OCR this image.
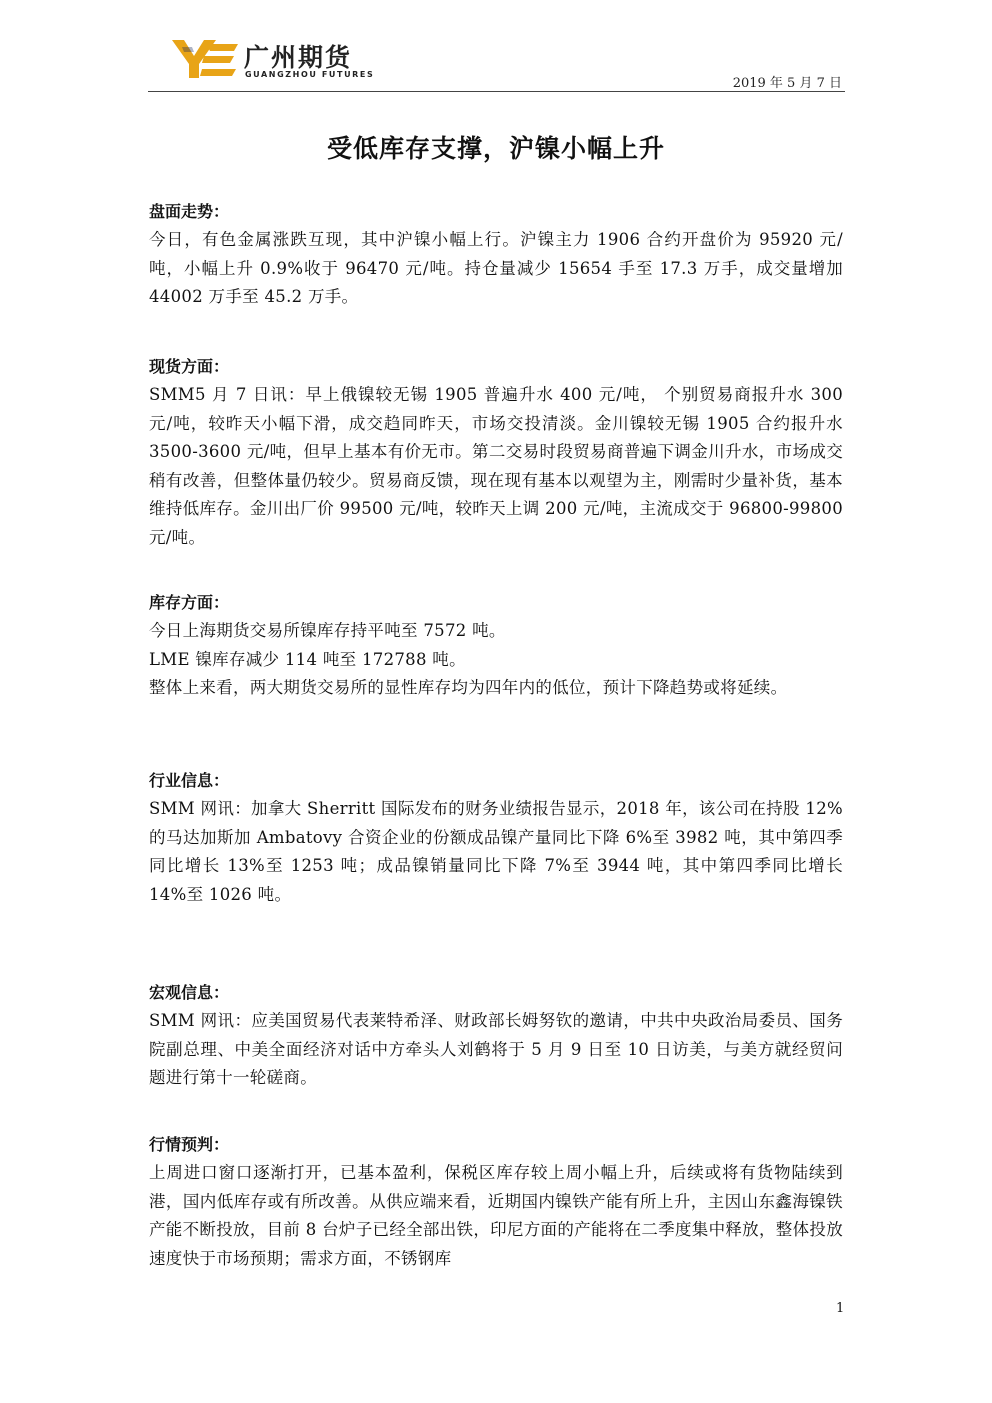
广州期货
GUANGZHOU FUTURES
2019 年 5 月 7 日
受低库存支撑，沪镍小幅上升
盘面走势：

今日，有色金属涨跌互现，其中沪镍小幅上行。沪镍主力 1906 合约开盘价为 95920 元/吨，小幅上升 0.9%收于 96470 元/吨。持仓量减少 15654 手至 17.3 万手，成交量增加 44002 万手至 45.2 万手。

现货方面：

SMM5 月 7 日讯：早上俄镍较无锡 1905 普遍升水 400 元/吨， 个别贸易商报升水 300 元/吨，较昨天小幅下滑，成交趋同昨天，市场交投清淡。金川镍较无锡 1905 合约报升水 3500-3600 元/吨，但早上基本有价无市。第二交易时段贸易商普遍下调金川升水，市场成交稍有改善，但整体量仍较少。贸易商反馈，现在现有基本以观望为主，刚需时少量补货，基本维持低库存。金川出厂价 99500 元/吨，较昨天上调 200 元/吨，主流成交于 96800-99800 元/吨。

库存方面：

今日上海期货交易所镍库存持平吨至 7572 吨。

LME 镍库存减少 114 吨至 172788 吨。

整体上来看，两大期货交易所的显性库存均为四年内的低位，预计下降趋势或将延续。

行业信息：

SMM 网讯：加拿大 Sherritt 国际发布的财务业绩报告显示，2018 年，该公司在持股 12%的马达加斯加 Ambatovy 合资企业的份额成品镍产量同比下降 6%至 3982 吨，其中第四季同比增长 13%至 1253 吨；成品镍销量同比下降 7%至 3944 吨，其中第四季同比增长 14%至 1026 吨。

宏观信息：

SMM 网讯：应美国贸易代表莱特希泽、财政部长姆努钦的邀请，中共中央政治局委员、国务院副总理、中美全面经济对话中方牵头人刘鹤将于 5 月 9 日至 10 日访美，与美方就经贸问题进行第十一轮磋商。

行情预判：

上周进口窗口逐渐打开，已基本盈利，保税区库存较上周小幅上升，后续或将有货物陆续到港，国内低库存或有所改善。从供应端来看，近期国内镍铁产能有所上升，主因山东鑫海镍铁产能不断投放，目前 8 台炉子已经全部出铁，印尼方面的产能将在二季度集中释放，整体投放速度快于市场预期；需求方面，不锈钢库

1
